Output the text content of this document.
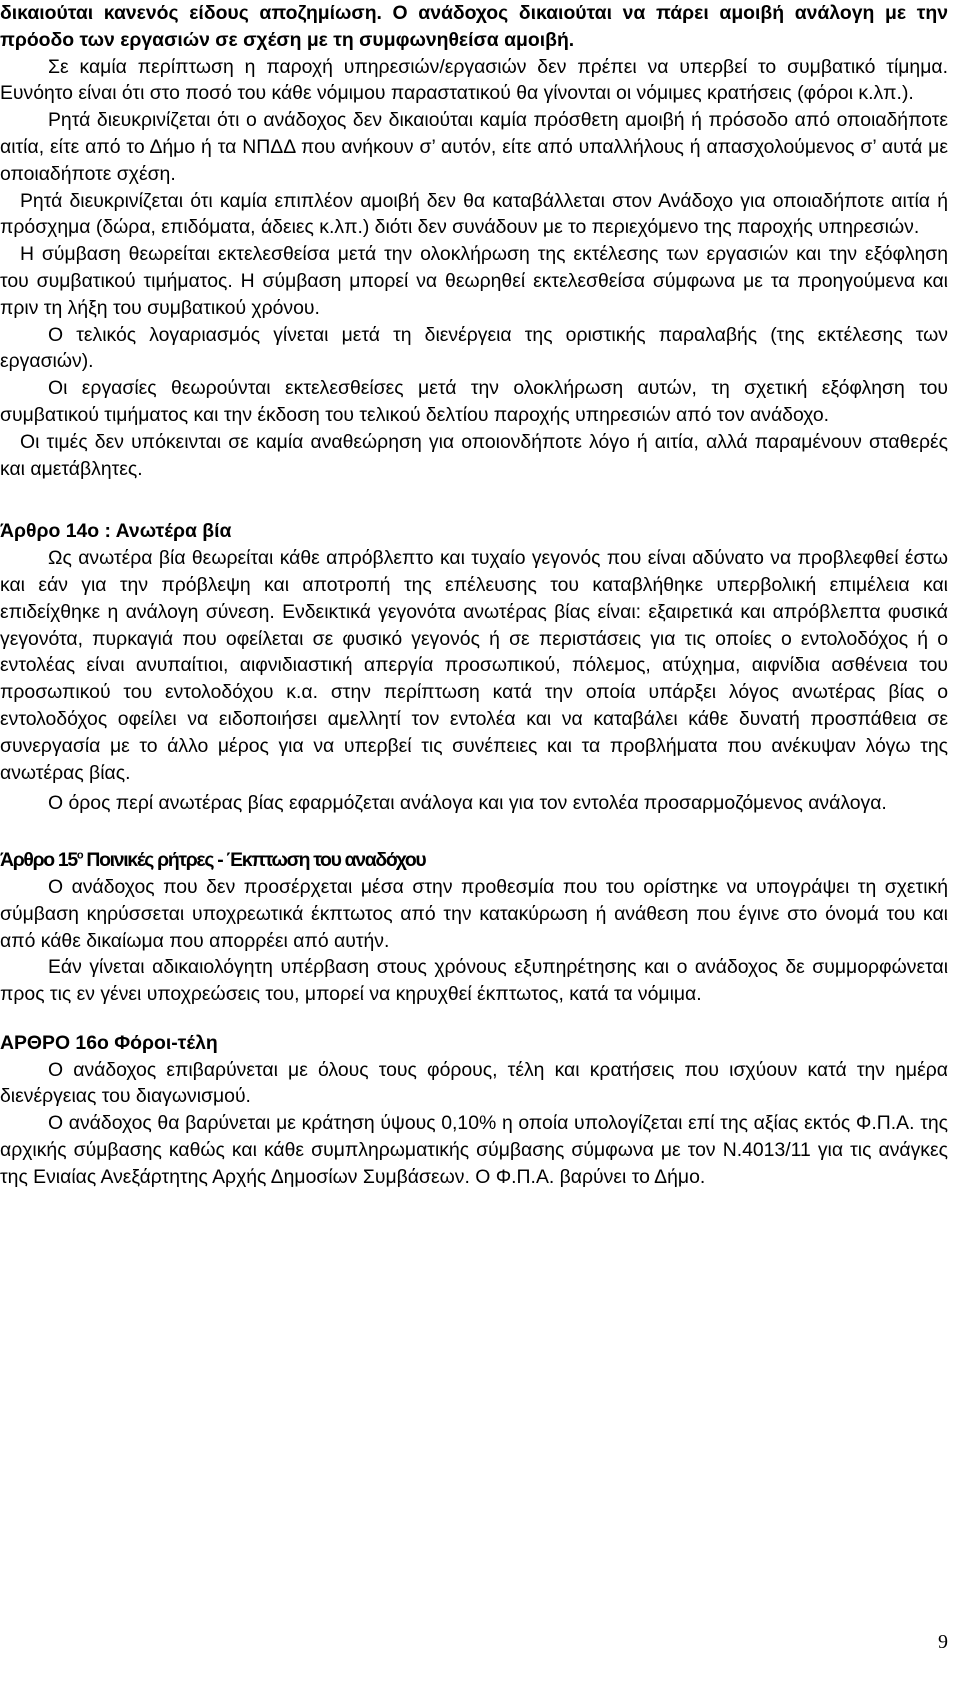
δικαιούται κανενός είδους αποζημίωση. Ο ανάδοχος δικαιούται να πάρει αμοιβή ανάλογη με την πρόοδο των εργασιών σε σχέση με τη συμφωνηθείσα αμοιβή.

Σε καμία περίπτωση η παροχή υπηρεσιών/εργασιών δεν πρέπει να υπερβεί το συμβατικό τίμημα. Ευνόητο είναι ότι στο ποσό του κάθε νόμιμου παραστατικού θα γίνονται οι νόμιμες κρατήσεις (φόροι κ.λπ.).

Ρητά διευκρινίζεται ότι ο ανάδοχος δεν δικαιούται καμία πρόσθετη αμοιβή ή πρόσοδο από οποιαδήποτε αιτία, είτε από το Δήμο ή τα ΝΠΔΔ που ανήκουν σ’ αυτόν, είτε από υπαλλήλους ή απασχολούμενος σ’ αυτά με οποιαδήποτε σχέση.

Ρητά διευκρινίζεται ότι καμία επιπλέον αμοιβή δεν θα καταβάλλεται στον Ανάδοχο για οποιαδήποτε αιτία ή πρόσχημα (δώρα, επιδόματα, άδειες κ.λπ.) διότι δεν συνάδουν με το περιεχόμενο της παροχής υπηρεσιών.

Η σύμβαση θεωρείται εκτελεσθείσα μετά την ολοκλήρωση της εκτέλεσης των εργασιών και την εξόφληση του συμβατικού τιμήματος. Η σύμβαση μπορεί να θεωρηθεί εκτελεσθείσα σύμφωνα με τα προηγούμενα και πριν τη λήξη του συμβατικού χρόνου.

Ο τελικός λογαριασμός γίνεται μετά τη διενέργεια της οριστικής παραλαβής (της εκτέλεσης των εργασιών).

Οι εργασίες θεωρούνται εκτελεσθείσες μετά την ολοκλήρωση αυτών, τη σχετική εξόφληση του συμβατικού τιμήματος και την έκδοση του τελικού δελτίου παροχής υπηρεσιών από τον ανάδοχο.

Οι τιμές δεν υπόκεινται σε καμία αναθεώρηση για οποιονδήποτε λόγο ή αιτία, αλλά παραμένουν σταθερές και αμετάβλητες.

Άρθρο 14ο : Ανωτέρα βία

Ως ανωτέρα βία θεωρείται κάθε απρόβλεπτο και τυχαίο γεγονός που είναι αδύνατο να προβλεφθεί έστω και εάν για την πρόβλεψη και αποτροπή της επέλευσης του καταβλήθηκε υπερβολική επιμέλεια και επιδείχθηκε η ανάλογη σύνεση. Ενδεικτικά γεγονότα ανωτέρας βίας είναι: εξαιρετικά και απρόβλεπτα φυσικά γεγονότα, πυρκαγιά που οφείλεται σε φυσικό γεγονός ή σε περιστάσεις για τις οποίες ο εντολοδόχος ή ο εντολέας είναι ανυπαίτιοι, αιφνιδιαστική απεργία προσωπικού, πόλεμος, ατύχημα, αιφνίδια ασθένεια του προσωπικού του εντολοδόχου κ.α. στην περίπτωση κατά την οποία υπάρξει λόγος ανωτέρας βίας ο εντολοδόχος οφείλει να ειδοποιήσει αμελλητί τον εντολέα και να καταβάλει κάθε δυνατή προσπάθεια σε συνεργασία με το άλλο μέρος για να υπερβεί τις συνέπειες και τα προβλήματα που ανέκυψαν λόγω της ανωτέρας βίας.

Ο όρος περί ανωτέρας βίας εφαρμόζεται ανάλογα και για τον εντολέα προσαρμοζόμενος ανάλογα.

Άρθρο $15^o$ Ποινικές ρήτρες - Έκπτωση του αναδόχου

Ο ανάδοχος που δεν προσέρχεται μέσα στην προθεσμία που του ορίστηκε να υπογράψει τη σχετική σύμβαση κηρύσσεται υποχρεωτικά έκπτωτος από την κατακύρωση ή ανάθεση που έγινε στο όνομά του και από κάθε δικαίωμα που απορρέει από αυτήν.

Εάν γίνεται αδικαιολόγητη υπέρβαση στους χρόνους εξυπηρέτησης και ο ανάδοχος δε συμμορφώνεται προς τις εν γένει υποχρεώσεις του, μπορεί να κηρυχθεί έκπτωτος, κατά τα νόμιμα.

ΑΡΘΡΟ 16ο Φόροι-τέλη

Ο ανάδοχος επιβαρύνεται με όλους τους φόρους, τέλη και κρατήσεις που ισχύουν κατά την ημέρα διενέργειας του διαγωνισμού.

Ο ανάδοχος θα βαρύνεται με κράτηση ύψους 0,10% η οποία υπολογίζεται επί της αξίας εκτός Φ.Π.Α. της αρχικής σύμβασης καθώς και κάθε συμπληρωματικής σύμβασης σύμφωνα με τον Ν.4013/11 για τις ανάγκες της Ενιαίας Ανεξάρτητης Αρχής Δημοσίων Συμβάσεων. Ο Φ.Π.Α. βαρύνει το Δήμο.

9
